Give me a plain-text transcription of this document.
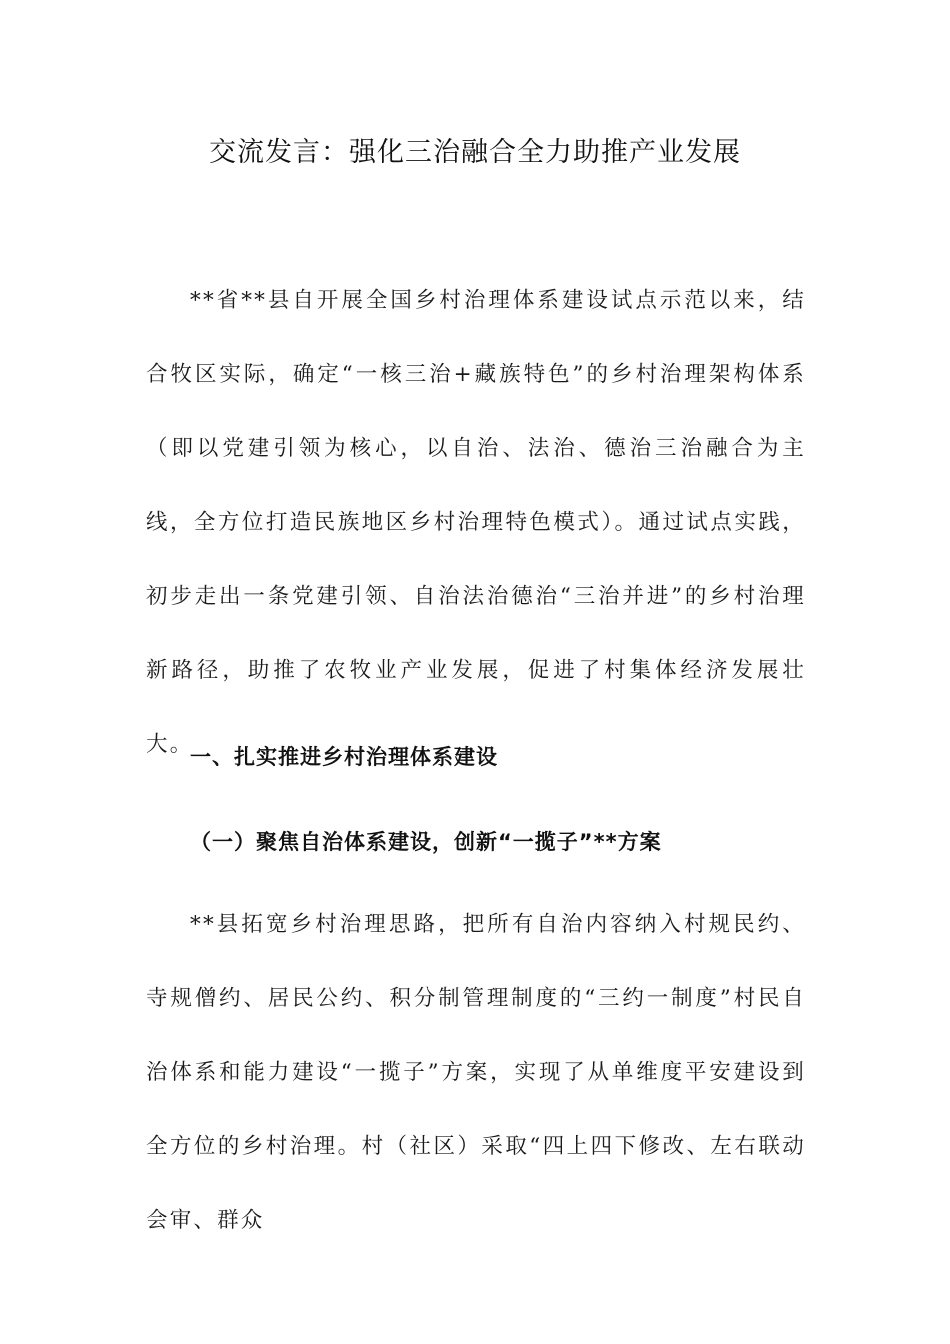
交流发言：强化三治融合全力助推产业发展

**省**县自开展全国乡村治理体系建设试点示范以来，结合牧区实际，确定“一核三治+藏族特色”的乡村治理架构体系（即以党建引领为核心，以自治、法治、德治三治融合为主线，全方位打造民族地区乡村治理特色模式）。通过试点实践，初步走出一条党建引领、自治法治德治“三治并进”的乡村治理新路径，助推了农牧业产业发展，促进了村集体经济发展壮大。

一、扎实推进乡村治理体系建设
（一）聚焦自治体系建设，创新“一揽子”**方案

**县拓宽乡村治理思路，把所有自治内容纳入村规民约、寺规僧约、居民公约、积分制管理制度的“三约一制度”村民自治体系和能力建设“一揽子”方案，实现了从单维度平安建设到全方位的乡村治理。村（社区）采取“四上四下修改、左右联动会审、群众
